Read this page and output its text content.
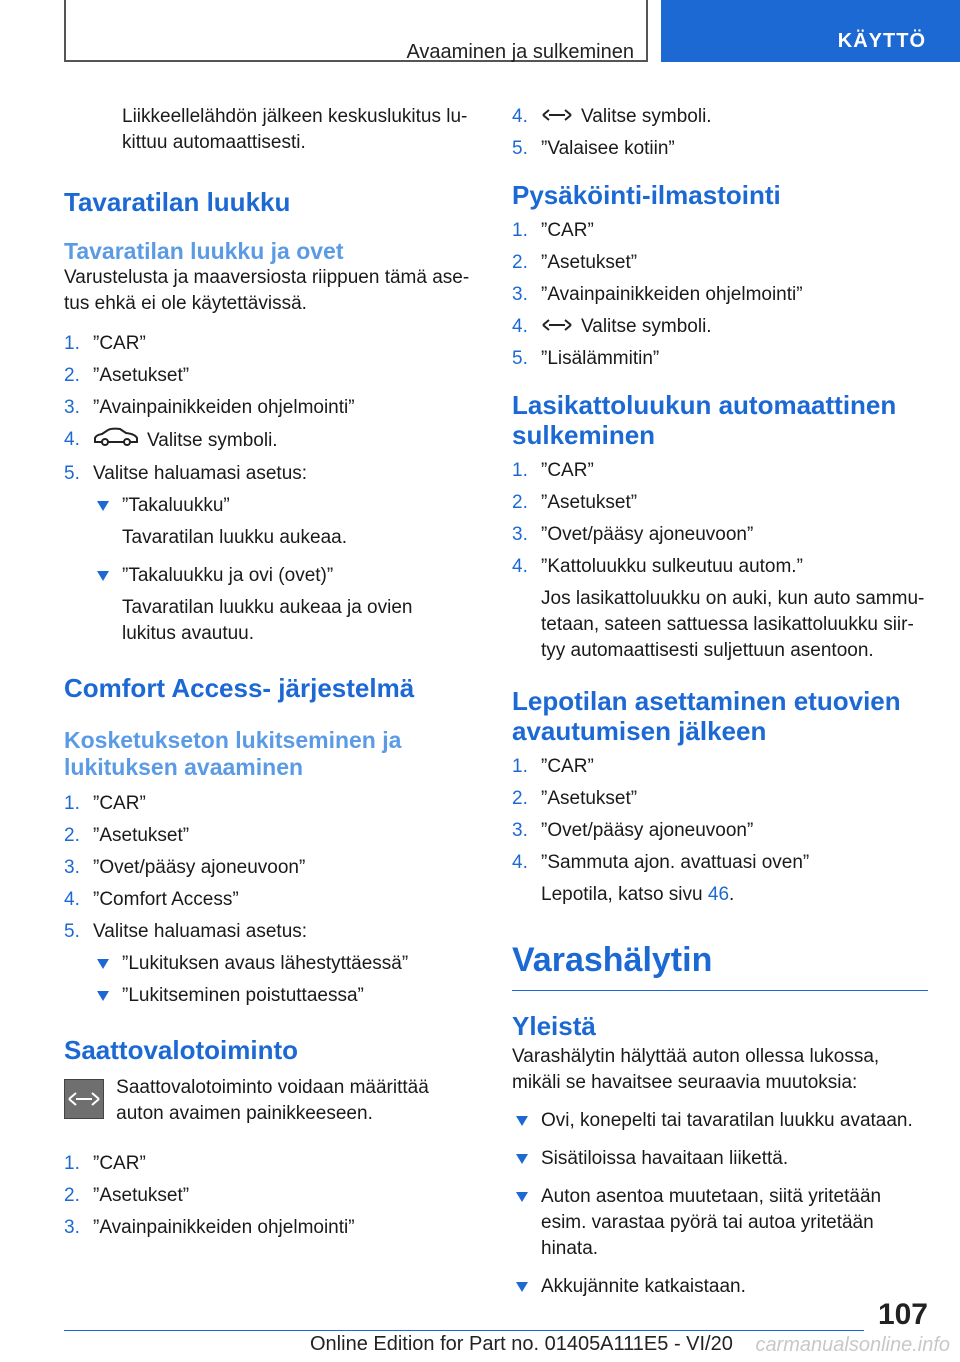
Avaaminen ja sulkeminen	KÄYTTÖ

Liikkeellelähdön jälkeen keskuslukitus lu-kittuu automaattisesti.

Tavaratilan luukku
Tavaratilan luukku ja ovet

Varustelusta ja maaversiosta riippuen tämä ase-tus ehkä ei ole käytettävissä.

1. ”CAR”
2. ”Asetukset”
3. ”Avainpainikkeiden ohjelmointi”
4.	Valitse symboli.
5. Valitse haluamasi asetus:
”Takaluukku”
Tavaratilan luukku aukeaa.
”Takaluukku ja ovi (ovet)”
Tavaratilan luukku aukeaa ja ovien lukitus avautuu.
Comfort Access- järjestelmä
Kosketukseton lukitseminen ja lukituksen avaaminen
1. ”CAR”
2. ”Asetukset”
3. ”Ovet/pääsy ajoneuvoon”
4. ”Comfort Access”
5. Valitse haluamasi asetus:
”Lukituksen avaus lähestyttäessä”
”Lukitseminen poistuttaessa”
Saattovalotoiminto

Saattovalotoiminto voidaan määrittää auton avaimen painikkeeseen.

1. ”CAR”
2. ”Asetukset”
3. ”Avainpainikkeiden ohjelmointi”
4.	Valitse symboli.
5. ”Valaisee kotiin”
Pysäköinti-ilmastointi
1. ”CAR”
2. ”Asetukset”
3. ”Avainpainikkeiden ohjelmointi”
4.	Valitse symboli.
5. ”Lisälämmitin”
Lasikattoluukun automaattinen sulkeminen
1. ”CAR”
2. ”Asetukset”
3. ”Ovet/pääsy ajoneuvoon”
4. ”Kattoluukku sulkeutuu autom.”

Jos lasikattoluukku on auki, kun auto sammu-tetaan, sateen sattuessa lasikattoluukku siir-tyy automaattisesti suljettuun asentoon.

Lepotilan asettaminen etuovien avautumisen jälkeen
1. ”CAR”
2. ”Asetukset”
3. ”Ovet/pääsy ajoneuvoon”
4. ”Sammuta ajon. avattuasi oven”

Lepotila, katso sivu 46.

Varashälytin
Yleistä

Varashälytin hälyttää auton ollessa lukossa, mikäli se havaitsee seuraavia muutoksia:

Ovi, konepelti tai tavaratilan luukku avataan.
Sisätiloissa havaitaan liikettä.
Auton asentoa muutetaan, siitä yritetään esim. varastaa pyörä tai autoa yritetään hinata.
Akkujännite katkaistaan.
107
Online Edition for Part no. 01405A111E5 - VI/20 carmanualsonline.info
